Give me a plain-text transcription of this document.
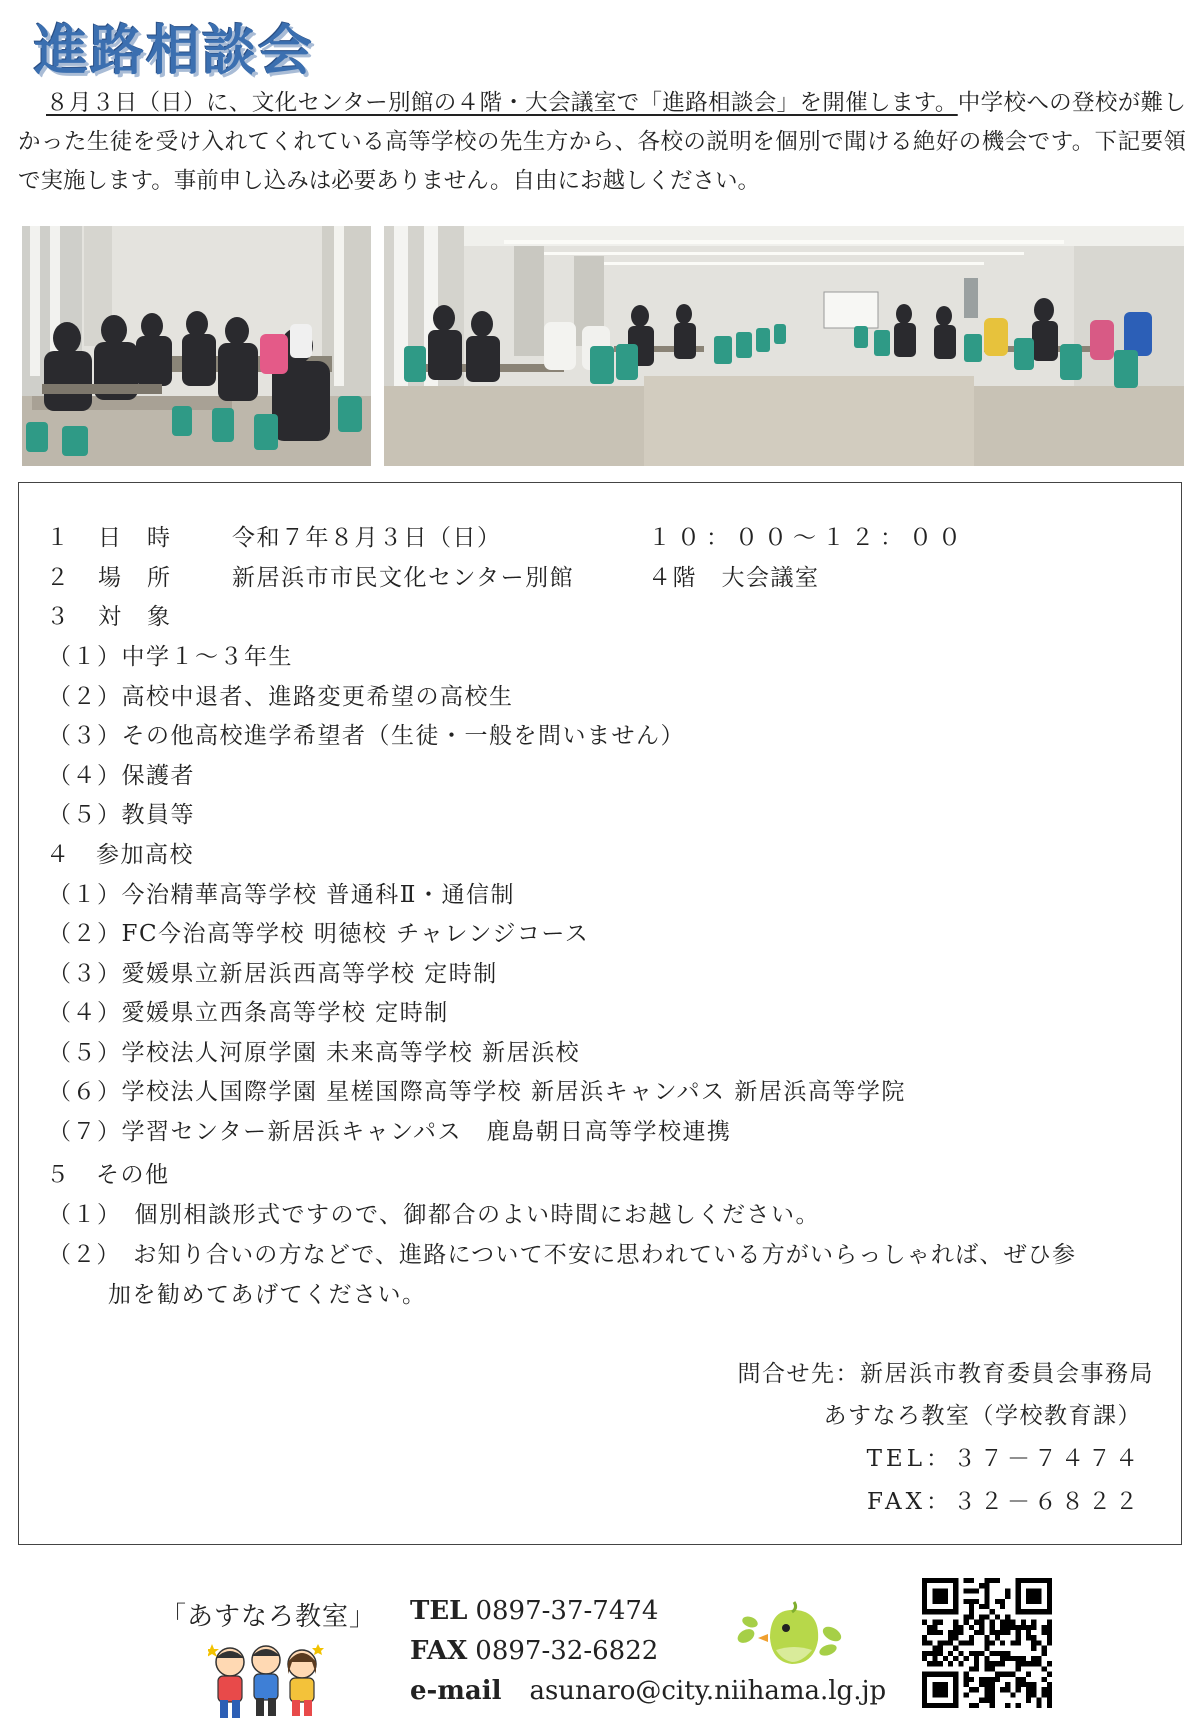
進路相談会

８月３日（日）に、文化センター別館の４階・大会議室で「進路相談会」を開催します。中学校への登校が難しかった生徒を受け入れてくれている高等学校の先生方から、各校の説明を個別で聞ける絶好の機会です。下記要領で実施します。事前申し込みは必要ありません。自由にお越しください。

１ 日　時	令和７年８月３日（日）	１０：００～１２：００
２ 場　所	新居浜市市民文化センター別館	４階　大会議室
３ 対　象
（１）中学１～３年生
（２）高校中退者、進路変更希望の高校生
（３）その他高校進学希望者（生徒・一般を問いません）
（４）保護者
（５）教員等
４ 参加高校
（１）今治精華高等学校 普通科Ⅱ・通信制
（２）FC今治高等学校 明徳校 チャレンジコース
（３）愛媛県立新居浜西高等学校 定時制
（４）愛媛県立西条高等学校 定時制
（５）学校法人河原学園 未来高等学校 新居浜校
（６）学校法人国際学園 星槎国際高等学校 新居浜キャンパス 新居浜高等学院
（７）学習センター新居浜キャンパス　鹿島朝日高等学校連携
５ その他
（１）　個別相談形式ですので、御都合のよい時間にお越しください。
（２）　お知り合いの方などで、進路について不安に思われている方がいらっしゃれば、ぜひ参
加を勧めてあげてください。
問合せ先：新居浜市教育委員会事務局
あすなろ教室（学校教育課）
TEL：３７－７４７４
FAX：３２－６８２２
「あすなろ教室」 TEL 0897-37-7474
FAX 0897-32-6822
e-mail asunaro@city.niihama.lg.jp
